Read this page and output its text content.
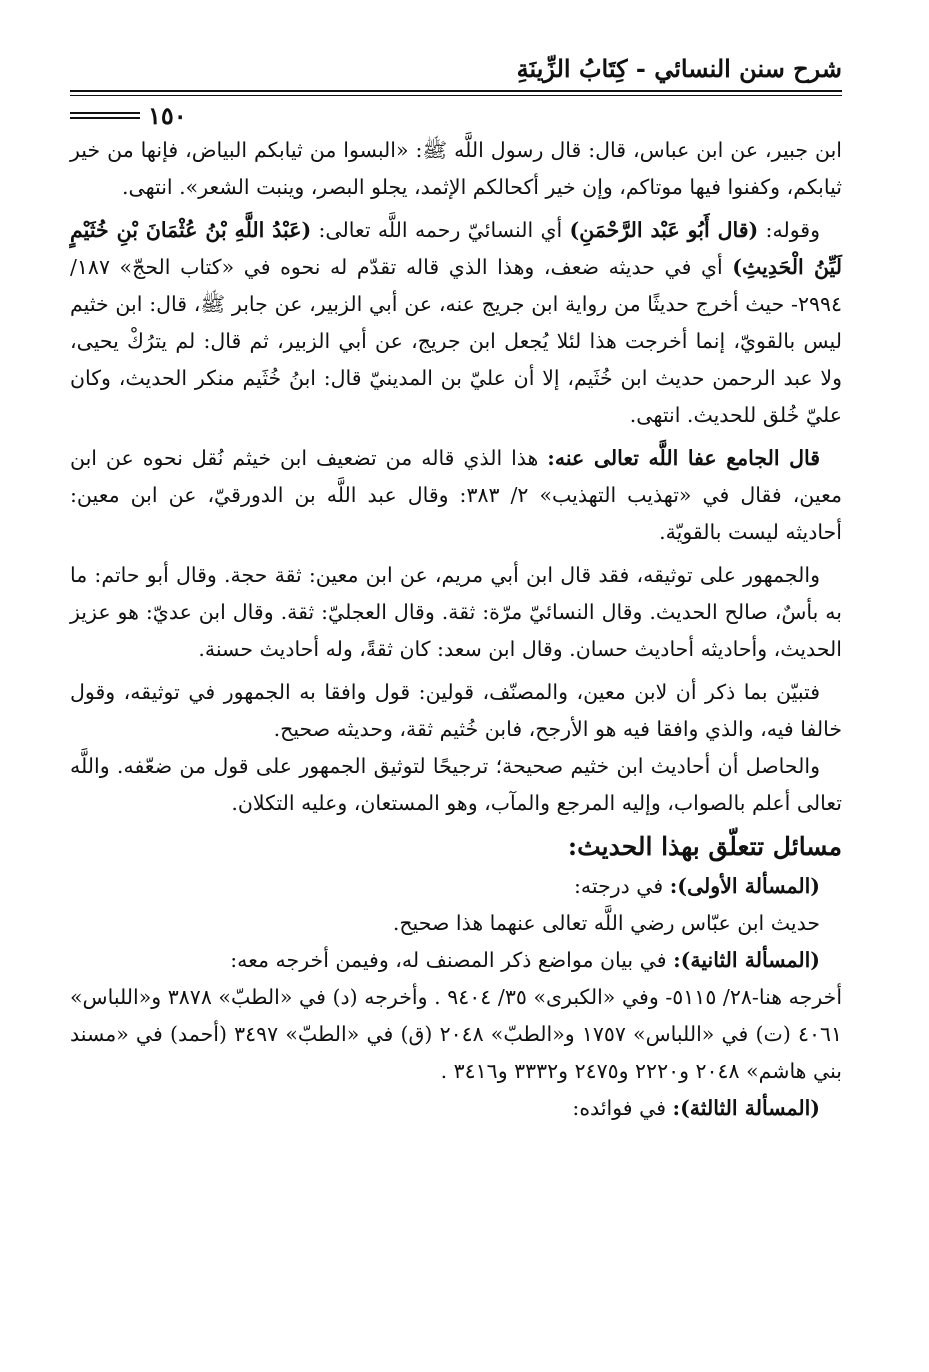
شرح سنن النسائي - كِتَابُ الزِّينَةِ
١٥٠

ابن جبير، عن ابن عباس، قال: قال رسول اللَّه ﷺ: «البسوا من ثيابكم البياض، فإنها من خير ثيابكم، وكفنوا فيها موتاكم، وإن خير أكحالكم الإثمد، يجلو البصر، وينبت الشعر». انتهى.

وقوله: (قال أَبُو عَبْد الرَّحْمَنِ) أي النسائيّ رحمه اللَّه تعالى: (عَبْدُ اللَّهِ بْنُ عُثْمَانَ بْنِ خُثَيْمٍ لَيِّنُ الْحَدِيثِ) أي في حديثه ضعف، وهذا الذي قاله تقدّم له نحوه في «كتاب الحجّ» ١٨٧/ ٢٩٩٤- حيث أخرج حديثًا من رواية ابن جريج عنه، عن أبي الزبير، عن جابر ﷺ، قال: ابن خثيم ليس بالقويّ، إنما أخرجت هذا لئلا يُجعل ابن جريج، عن أبي الزبير، ثم قال: لم يترُكْ يحيى، ولا عبد الرحمن حديث ابن خُثَيم، إلا أن عليّ بن المدينيّ قال: ابنُ خُثَيم منكر الحديث، وكان عليّ خُلق للحديث. انتهى.

قال الجامع عفا اللَّه تعالى عنه: هذا الذي قاله من تضعيف ابن خيثم نُقل نحوه عن ابن معين، فقال في «تهذيب التهذيب» ٢/ ٣٨٣: وقال عبد اللَّه بن الدورقيّ، عن ابن معين: أحاديثه ليست بالقويّة.

والجمهور على توثيقه، فقد قال ابن أبي مريم، عن ابن معين: ثقة حجة. وقال أبو حاتم: ما به بأسٌ، صالح الحديث. وقال النسائيّ مرّة: ثقة. وقال العجليّ: ثقة. وقال ابن عديّ: هو عزيز الحديث، وأحاديثه أحاديث حسان. وقال ابن سعد: كان ثقةً، وله أحاديث حسنة.

فتبيّن بما ذكر أن لابن معين، والمصنّف، قولين: قول وافقا به الجمهور في توثيقه، وقول خالفا فيه، والذي وافقا فيه هو الأرجح، فابن خُثيم ثقة، وحديثه صحيح.

والحاصل أن أحاديث ابن خثيم صحيحة؛ ترجيحًا لتوثيق الجمهور على قول من ضعّفه. واللَّه تعالى أعلم بالصواب، وإليه المرجع والمآب، وهو المستعان، وعليه التكلان.

مسائل تتعلّق بهذا الحديث:

(المسألة الأولى): في درجته:

حديث ابن عبّاس رضي اللَّه تعالى عنهما هذا صحيح.

(المسألة الثانية): في بيان مواضع ذكر المصنف له، وفيمن أخرجه معه:

أخرجه هنا-٢٨/ ٥١١٥- وفي «الكبرى» ٣٥/ ٩٤٠٤ . وأخرجه (د) في «الطبّ» ٣٨٧٨ و«اللباس» ٤٠٦١ (ت) في «اللباس» ١٧٥٧ و«الطبّ» ٢٠٤٨ (ق) في «الطبّ» ٣٤٩٧ (أحمد) في «مسند بني هاشم» ٢٠٤٨ و٢٢٢٠ و٢٤٧٥ و٣٣٣٢ و٣٤١٦ .

(المسألة الثالثة): في فوائده:
